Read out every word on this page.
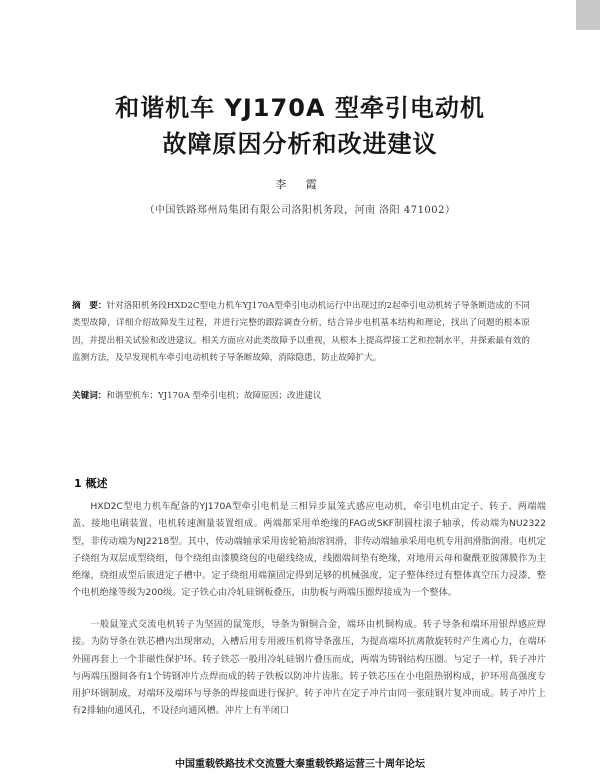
和谐机车 YJ170A 型牵引电动机
故障原因分析和改进建议
李 霞
（中国铁路郑州局集团有限公司洛阳机务段，河南 洛阳 471002）
摘　要：针对洛阳机务段HXD2C型电力机车YJ170A型牵引电动机运行中出现过的2起牵引电动机转子导条断造成的不同类型故障，详细介绍故障发生过程，并进行完整的跟踪调查分析，结合异步电机基本结构和理论，找出了问题的根本原因，并提出相关试验和改进建议。相关方面应对此类故障予以重视，从根本上提高焊接工艺和控制水平，并探索最有效的监测方法，及早发现机车牵引电动机转子导条断故障，消除隐患，防止故障扩大。
关键词：和谐型机车；YJ170A 型牵引电机；故障原因；改进建议
1 概述

HXD2C型电力机车配备的YJ170A型牵引电机是三相异步鼠笼式感应电动机，牵引电机由定子、转子、两端端盖、接地电刷装置、电机转速测量装置组成。两端都采用单绝缘的FAG或SKF制圆柱滚子轴承，传动端为NU2322型，非传动端为NJ2218型。其中，传动端轴承采用齿轮箱油溶润滑，非传动端轴承采用电机专用润滑脂润滑。电机定子绕组为双层成型绕组，每个绕组由漆膜绕包的电磁线绕成，线圈端间垫有绝缘，对地用云母和聚酰亚胺薄膜作为主绝缘，绕组成型后嵌进定子槽中。定子绕组用端箍固定得到足够的机械强度，定子整体经过有整体真空压力浸漆，整个电机绝缘等级为200级。定子铁心由冷轧硅钢板叠压，由肋板与两端压圈焊接成为一个整体。

一般鼠笼式交流电机转子为坚固的鼠笼形，导条为铜铜合金，端环由机铜构成。转子导条和端环用银焊感应焊接。为防导条在铁芯槽内出现窜动，入槽后用专用液压机将导条涨压，为提高端环抗离散旋转时产生离心力，在端环外圆再套上一个非磁性保护环。转子铁芯一般用冷轧硅钢片叠压而成，两端为铸钢结构压圈。与定子一样，转子冲片与两端压圈间各有1个铸钢冲片点焊而成的转子铁板以防冲片齿胀。转子铁芯压在小电阻热钢构成，护环用高强度专用护环钢制成，对端环及端环与导条的焊接面进行保护。转子冲片在定子冲片由同一张硅钢片复冲而成。转子冲片上有2排轴向通风孔，不设径向通风槽。冲片上有半闭口

中国重载铁路技术交流暨大秦重载铁路运营三十周年论坛
